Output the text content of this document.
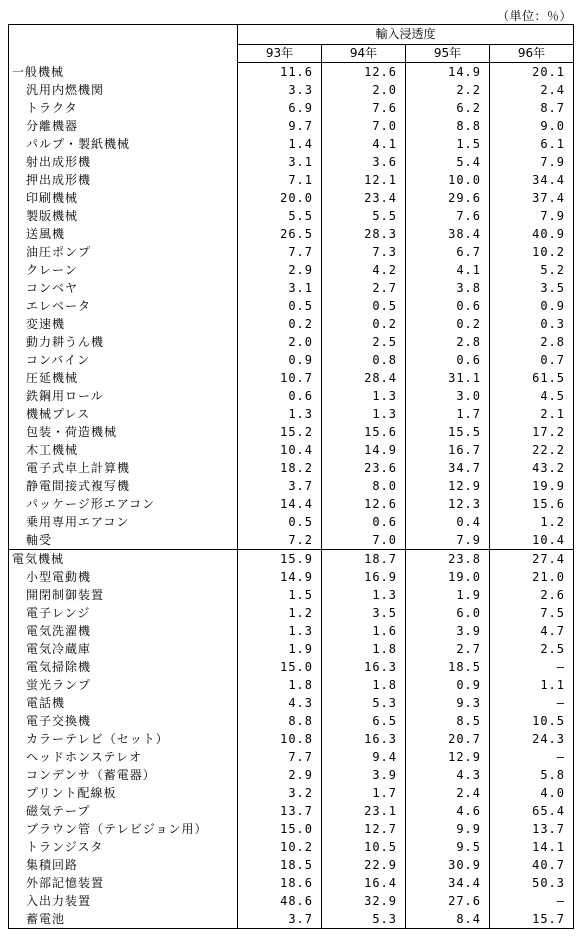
（単位：％）
	輸入浸透度			
	93年	94年	95年	96年
一般機械	11.6	12.6	14.9	20.1
汎用内燃機関	3.3	2.0	2.2	2.4
トラクタ	6.9	7.6	6.2	8.7
分離機器	9.7	7.0	8.8	9.0
パルプ・製紙機械	1.4	4.1	1.5	6.1
射出成形機	3.1	3.6	5.4	7.9
押出成形機	7.1	12.1	10.0	34.4
印刷機械	20.0	23.4	29.6	37.4
製版機械	5.5	5.5	7.6	7.9
送風機	26.5	28.3	38.4	40.9
油圧ポンプ	7.7	7.3	6.7	10.2
クレーン	2.9	4.2	4.1	5.2
コンベヤ	3.1	2.7	3.8	3.5
エレベータ	0.5	0.5	0.6	0.9
変速機	0.2	0.2	0.2	0.3
動力耕うん機	2.0	2.5	2.8	2.8
コンバイン	0.9	0.8	0.6	0.7
圧延機械	10.7	28.4	31.1	61.5
鉄鋼用ロール	0.6	1.3	3.0	4.5
機械プレス	1.3	1.3	1.7	2.1
包装・荷造機械	15.2	15.6	15.5	17.2
木工機械	10.4	14.9	16.7	22.2
電子式卓上計算機	18.2	23.6	34.7	43.2
静電間接式複写機	3.7	8.0	12.9	19.9
パッケージ形エアコン	14.4	12.6	12.3	15.6
乗用専用エアコン	0.5	0.6	0.4	1.2
軸受	7.2	7.0	7.9	10.4
電気機械	15.9	18.7	23.8	27.4
小型電動機	14.9	16.9	19.0	21.0
開閉制御装置	1.5	1.3	1.9	2.6
電子レンジ	1.2	3.5	6.0	7.5
電気洗濯機	1.3	1.6	3.9	4.7
電気冷蔵庫	1.9	1.8	2.7	2.5
電気掃除機	15.0	16.3	18.5	―
蛍光ランプ	1.8	1.8	0.9	1.1
電話機	4.3	5.3	9.3	―
電子交換機	8.8	6.5	8.5	10.5
カラーテレビ（セット）	10.8	16.3	20.7	24.3
ヘッドホンステレオ	7.7	9.4	12.9	―
コンデンサ（蓄電器）	2.9	3.9	4.3	5.8
プリント配線板	3.2	1.7	2.4	4.0
磁気テープ	13.7	23.1	4.6	65.4
ブラウン管（テレビジョン用）	15.0	12.7	9.9	13.7
トランジスタ	10.2	10.5	9.5	14.1
集積回路	18.5	22.9	30.9	40.7
外部記憶装置	18.6	16.4	34.4	50.3
入出力装置	48.6	32.9	27.6	―
蓄電池	3.7	5.3	8.4	15.7
